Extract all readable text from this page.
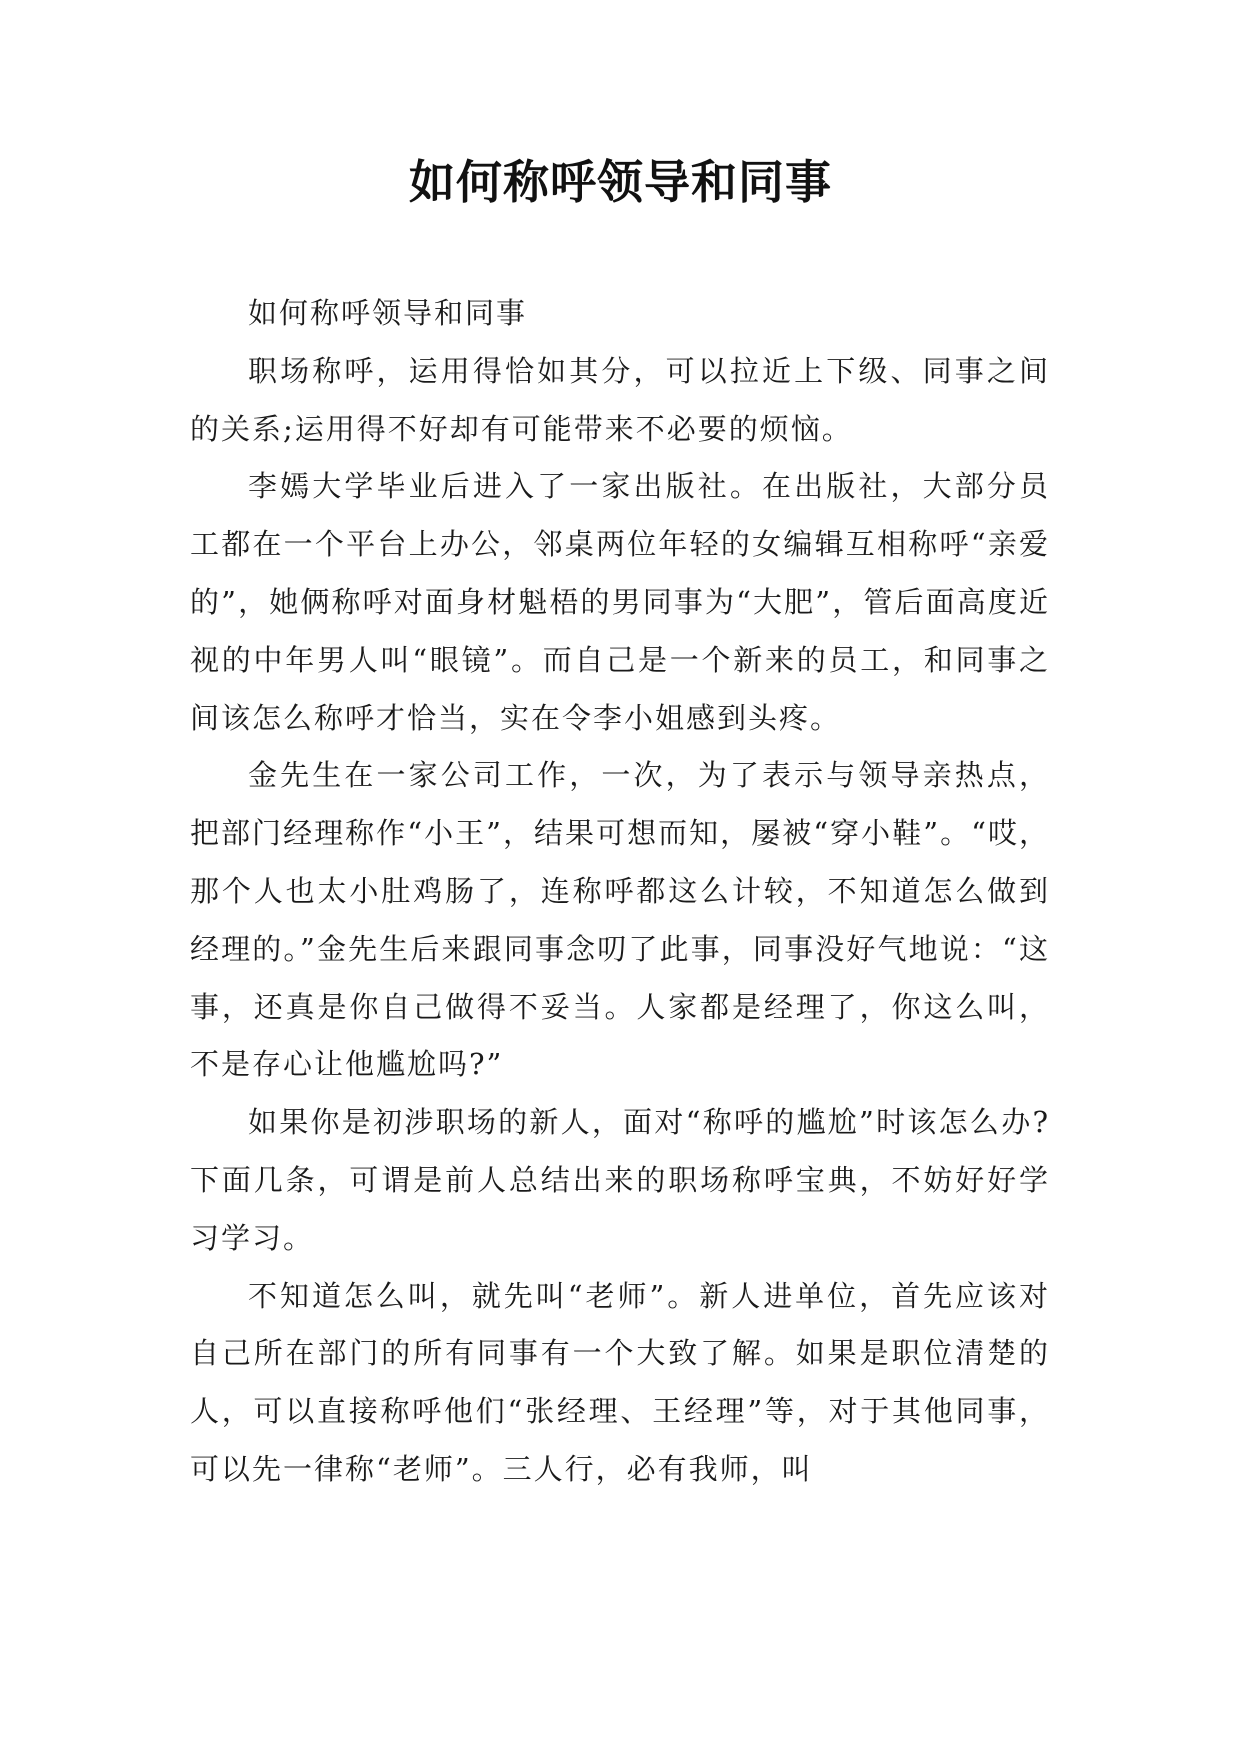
如何称呼领导和同事

如何称呼领导和同事

职场称呼，运用得恰如其分，可以拉近上下级、同事之间的关系;运用得不好却有可能带来不必要的烦恼。

李嫣大学毕业后进入了一家出版社。在出版社，大部分员工都在一个平台上办公，邻桌两位年轻的女编辑互相称呼“亲爱的”，她俩称呼对面身材魁梧的男同事为“大肥”，管后面高度近视的中年男人叫“眼镜”。而自己是一个新来的员工，和同事之间该怎么称呼才恰当，实在令李小姐感到头疼。

金先生在一家公司工作，一次，为了表示与领导亲热点，把部门经理称作“小王”，结果可想而知，屡被“穿小鞋”。“哎，那个人也太小肚鸡肠了，连称呼都这么计较，不知道怎么做到经理的。”金先生后来跟同事念叨了此事，同事没好气地说：“这事，还真是你自己做得不妥当。人家都是经理了，你这么叫，不是存心让他尴尬吗?”

如果你是初涉职场的新人，面对“称呼的尴尬”时该怎么办?下面几条，可谓是前人总结出来的职场称呼宝典，不妨好好学习学习。

不知道怎么叫，就先叫“老师”。新人进单位，首先应该对自己所在部门的所有同事有一个大致了解。如果是职位清楚的人，可以直接称呼他们“张经理、王经理”等，对于其他同事，可以先一律称“老师”。三人行，必有我师，叫
